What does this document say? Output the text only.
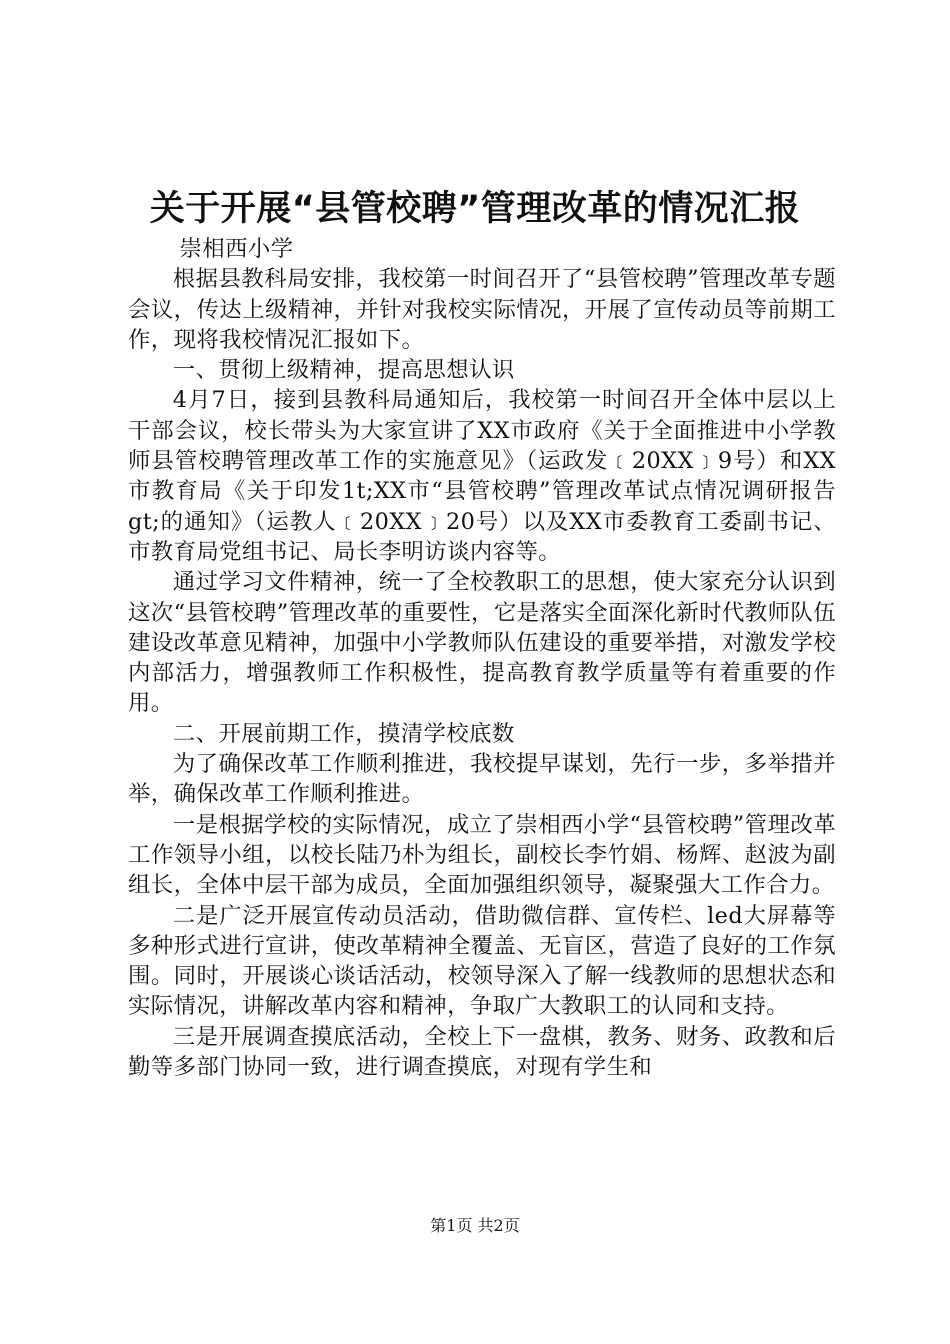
关于开展“县管校聘”管理改革的情况汇报

崇相西小学

根据县教科局安排，我校第一时间召开了“县管校聘”管理改革专题会议，传达上级精神，并针对我校实际情况，开展了宣传动员等前期工作，现将我校情况汇报如下。

一、贯彻上级精神，提高思想认识

4月7日，接到县教科局通知后，我校第一时间召开全体中层以上干部会议，校长带头为大家宣讲了XX市政府《关于全面推进中小学教师县管校聘管理改革工作的实施意见》（运政发﹝20XX﹞9号）和XX市教育局《关于印发1t;XX市“县管校聘”管理改革试点情况调研报告gt;的通知》（运教人﹝20XX﹞20号）以及XX市委教育工委副书记、市教育局党组书记、局长李明访谈内容等。

通过学习文件精神，统一了全校教职工的思想，使大家充分认识到这次“县管校聘”管理改革的重要性，它是落实全面深化新时代教师队伍建设改革意见精神，加强中小学教师队伍建设的重要举措，对激发学校内部活力，增强教师工作积极性，提高教育教学质量等有着重要的作用。

二、开展前期工作，摸清学校底数

为了确保改革工作顺利推进，我校提早谋划，先行一步，多举措并举，确保改革工作顺利推进。

一是根据学校的实际情况，成立了崇相西小学“县管校聘”管理改革工作领导小组，以校长陆乃朴为组长，副校长李竹娟、杨辉、赵波为副组长，全体中层干部为成员，全面加强组织领导，凝聚强大工作合力。

二是广泛开展宣传动员活动，借助微信群、宣传栏、led大屏幕等多种形式进行宣讲，使改革精神全覆盖、无盲区，营造了良好的工作氛围。同时，开展谈心谈话活动，校领导深入了解一线教师的思想状态和实际情况，讲解改革内容和精神，争取广大教职工的认同和支持。

三是开展调查摸底活动，全校上下一盘棋，教务、财务、政教和后勤等多部门协同一致，进行调查摸底，对现有学生和

第1页 共2页
